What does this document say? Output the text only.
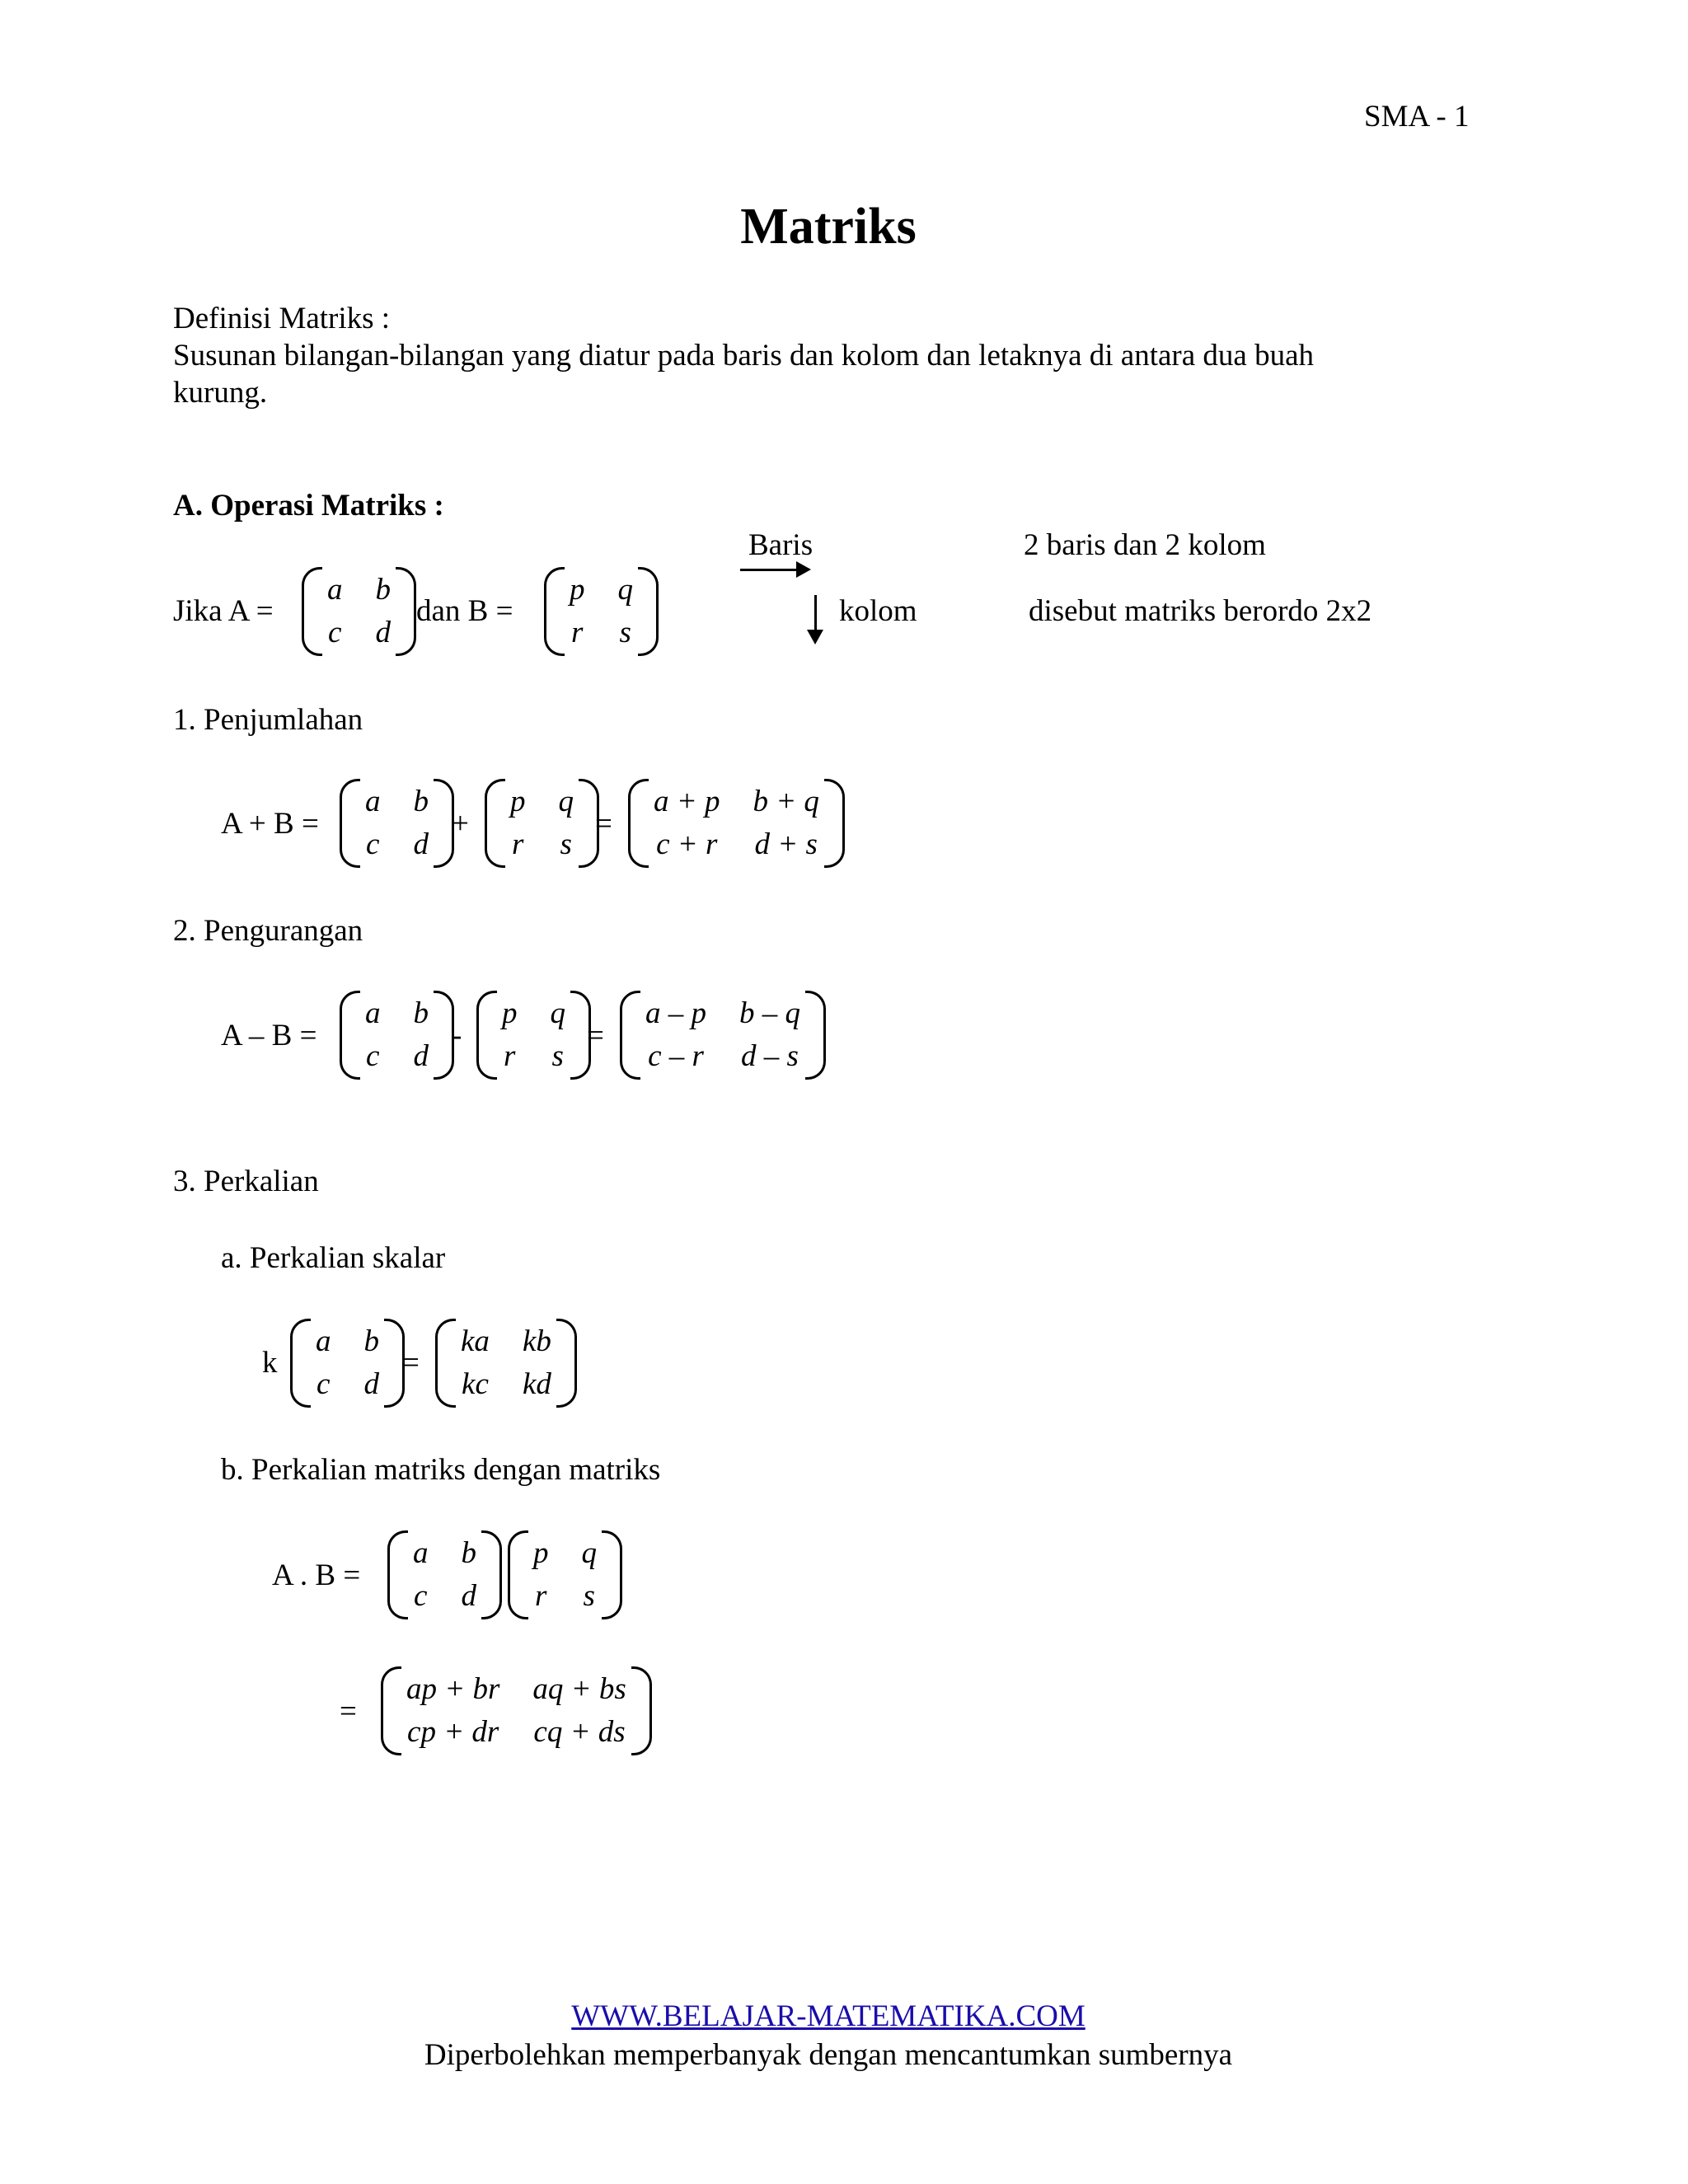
SMA - 1
Matriks
Definisi Matriks :
Susunan bilangan-bilangan yang diatur pada baris dan kolom dan letaknya di antara dua buah
kurung.
A. Operasi Matriks :
Baris
kolom
2 baris dan 2 kolom
disebut matriks berordo 2x2
Jika A =
a b
c d
dan B =
p q
r s
1. Penjumlahan
A + B =
a b
c d
+
p q
r s
=
a + p b + q
c + r d + s
2. Pengurangan
A – B =
a b
c d
-
p q
r s
=
a – p b – q
c – r d – s
3. Perkalian
a. Perkalian skalar
k
a b
c d
=
ka kb
kc kd
b. Perkalian matriks dengan matriks
A . B =
a b
c d
p q
r s
=
ap + br aq + bs
cp + dr cq + ds
WWW.BELAJAR-MATEMATIKA.COM
Diperbolehkan memperbanyak dengan mencantumkan sumbernya
